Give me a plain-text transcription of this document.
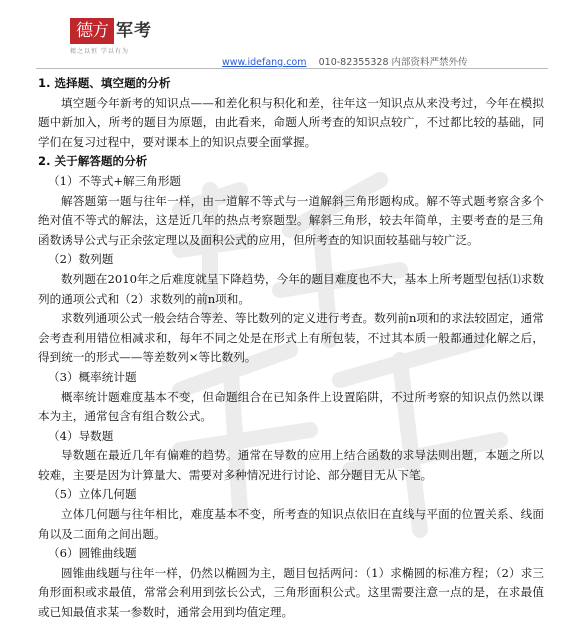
德方 军考
精之以恒 学以有为
www.idefang.com 010-82355328 内部资料严禁外传

1. 选择题、填空题的分析

填空题今年新考的知识点——和差化积与积化和差，往年这一知识点从来没考过，今年在模拟题中新加入，所考的题目为原题，由此看来，命题人所考查的知识点较广，不过都比较的基础，同学们在复习过程中，要对课本上的知识点要全面掌握。

2. 关于解答题的分析

（1）不等式+解三角形题

解答题第一题与往年一样，由一道解不等式与一道解斜三角形题构成。解不等式题考察含多个绝对值不等式的解法，这是近几年的热点考察题型。解斜三角形，较去年简单，主要考查的是三角函数诱导公式与正余弦定理以及面积公式的应用，但所考查的知识面较基础与较广泛。

（2）数列题

数列题在2010年之后难度就呈下降趋势，今年的题目难度也不大，基本上所考题型包括⑴求数列的通项公式和（2）求数列的前n项和。

求数列通项公式一般会结合等差、等比数列的定义进行考查。数列前n项和的求法较固定，通常会考查利用错位相减求和，每年不同之处是在形式上有所包装，不过其本质一般都通过化解之后，得到统一的形式——等差数列×等比数列。

（3）概率统计题

概率统计题难度基本不变，但命题组合在已知条件上设置陷阱，不过所考察的知识点仍然以课本为主，通常包含有组合数公式。

（4）导数题

导数题在最近几年有偏难的趋势。通常在导数的应用上结合函数的求导法则出题，本题之所以较难，主要是因为计算量大、需要对多种情况进行讨论、部分题目无从下笔。

（5）立体几何题

立体几何题与往年相比，难度基本不变，所考查的知识点依旧在直线与平面的位置关系、线面角以及二面角之间出题。

（6）圆锥曲线题

圆锥曲线题与往年一样，仍然以椭圆为主，题目包括两问：（1）求椭圆的标准方程；（2）求三角形面积或求最值，常常会利用到弦长公式，三角形面积公式。这里需要注意一点的是，在求最值或已知最值求某一参数时，通常会用到均值定理。
